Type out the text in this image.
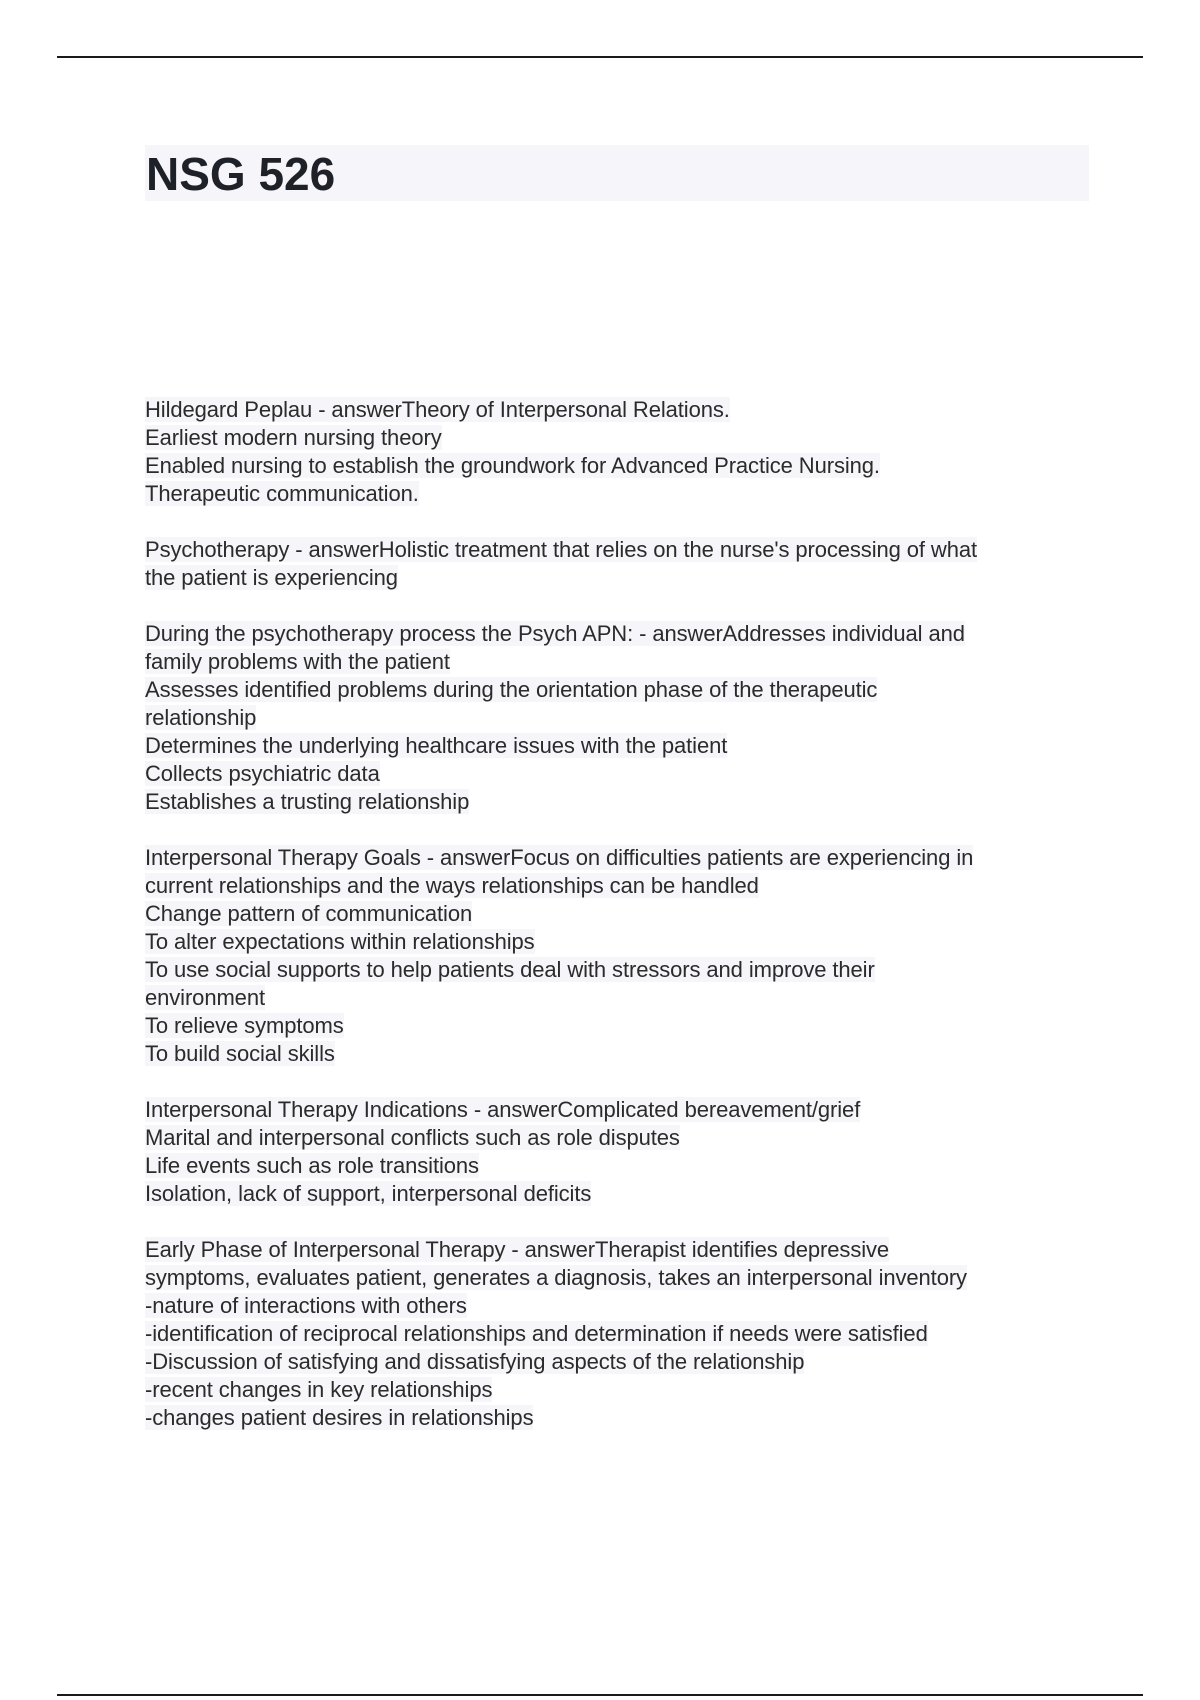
NSG 526
Hildegard Peplau - answerTheory of Interpersonal Relations.
Earliest modern nursing theory
Enabled nursing to establish the groundwork for Advanced Practice Nursing.
Therapeutic communication.
Psychotherapy - answerHolistic treatment that relies on the nurse's processing of what
the patient is experiencing
During the psychotherapy process the Psych APN: - answerAddresses individual and
family problems with the patient
Assesses identified problems during the orientation phase of the therapeutic
relationship
Determines the underlying healthcare issues with the patient
Collects psychiatric data
Establishes a trusting relationship
Interpersonal Therapy Goals - answerFocus on difficulties patients are experiencing in
current relationships and the ways relationships can be handled
Change pattern of communication
To alter expectations within relationships
To use social supports to help patients deal with stressors and improve their
environment
To relieve symptoms
To build social skills
Interpersonal Therapy Indications - answerComplicated bereavement/grief
Marital and interpersonal conflicts such as role disputes
Life events such as role transitions
Isolation, lack of support, interpersonal deficits
Early Phase of Interpersonal Therapy - answerTherapist identifies depressive
symptoms, evaluates patient, generates a diagnosis, takes an interpersonal inventory
-nature of interactions with others
-identification of reciprocal relationships and determination if needs were satisfied
-Discussion of satisfying and dissatisfying aspects of the relationship
-recent changes in key relationships
-changes patient desires in relationships
